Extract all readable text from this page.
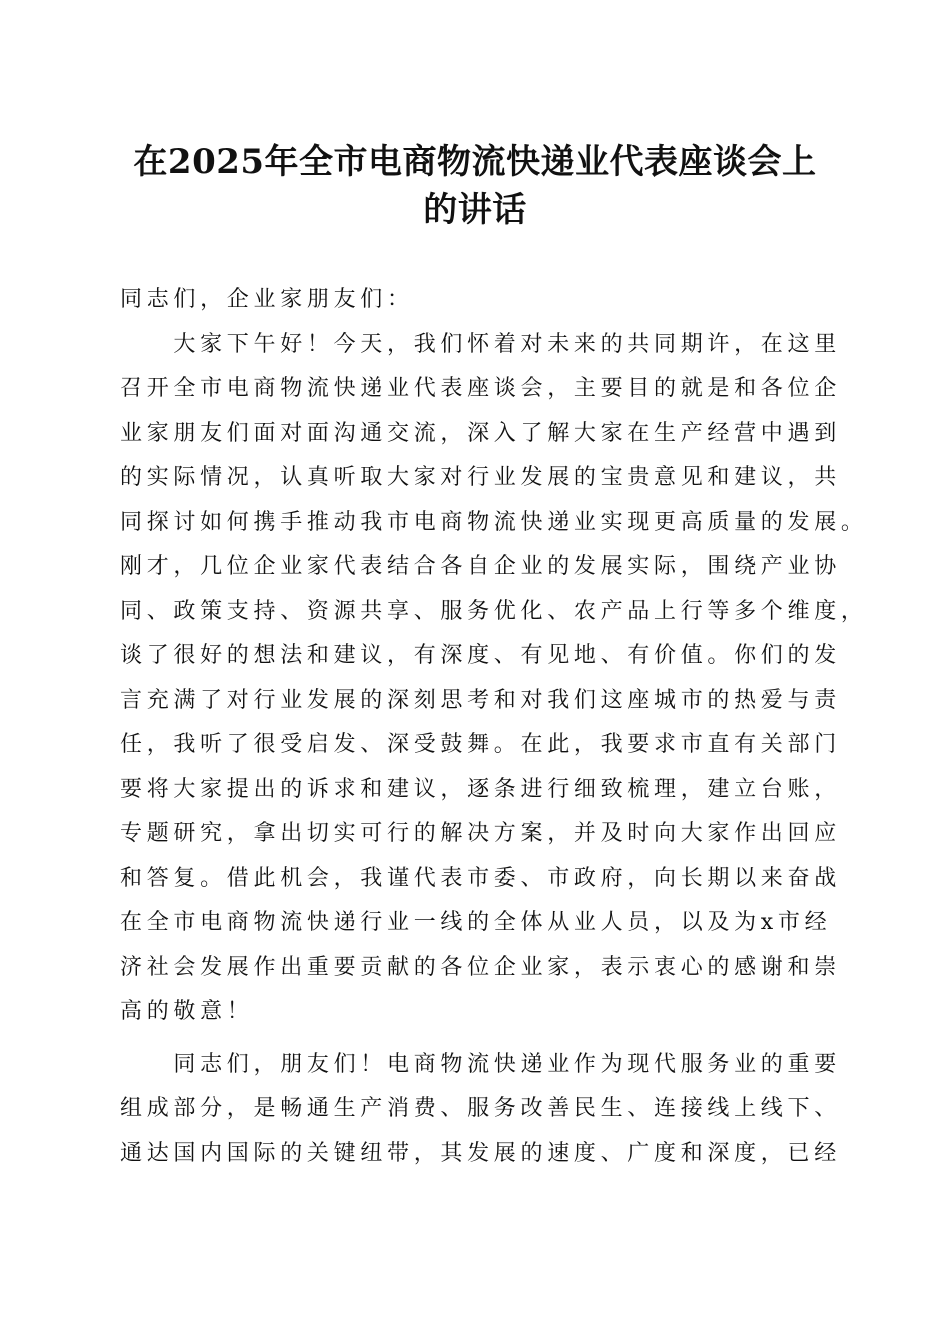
在2025年全市电商物流快递业代表座谈会上
的讲话
同志们，企业家朋友们：
　　大家下午好！今天，我们怀着对未来的共同期许，在这里
召开全市电商物流快递业代表座谈会，主要目的就是和各位企
业家朋友们面对面沟通交流，深入了解大家在生产经营中遇到
的实际情况，认真听取大家对行业发展的宝贵意见和建议，共
同探讨如何携手推动我市电商物流快递业实现更高质量的发展。
刚才，几位企业家代表结合各自企业的发展实际，围绕产业协
同、政策支持、资源共享、服务优化、农产品上行等多个维度，
谈了很好的想法和建议，有深度、有见地、有价值。你们的发
言充满了对行业发展的深刻思考和对我们这座城市的热爱与责
任，我听了很受启发、深受鼓舞。在此，我要求市直有关部门
要将大家提出的诉求和建议，逐条进行细致梳理，建立台账，
专题研究，拿出切实可行的解决方案，并及时向大家作出回应
和答复。借此机会，我谨代表市委、市政府，向长期以来奋战
在全市电商物流快递行业一线的全体从业人员，以及为x市经
济社会发展作出重要贡献的各位企业家，表示衷心的感谢和崇
高的敬意！
　　同志们，朋友们！电商物流快递业作为现代服务业的重要
组成部分，是畅通生产消费、服务改善民生、连接线上线下、
通达国内国际的关键纽带，其发展的速度、广度和深度，已经
